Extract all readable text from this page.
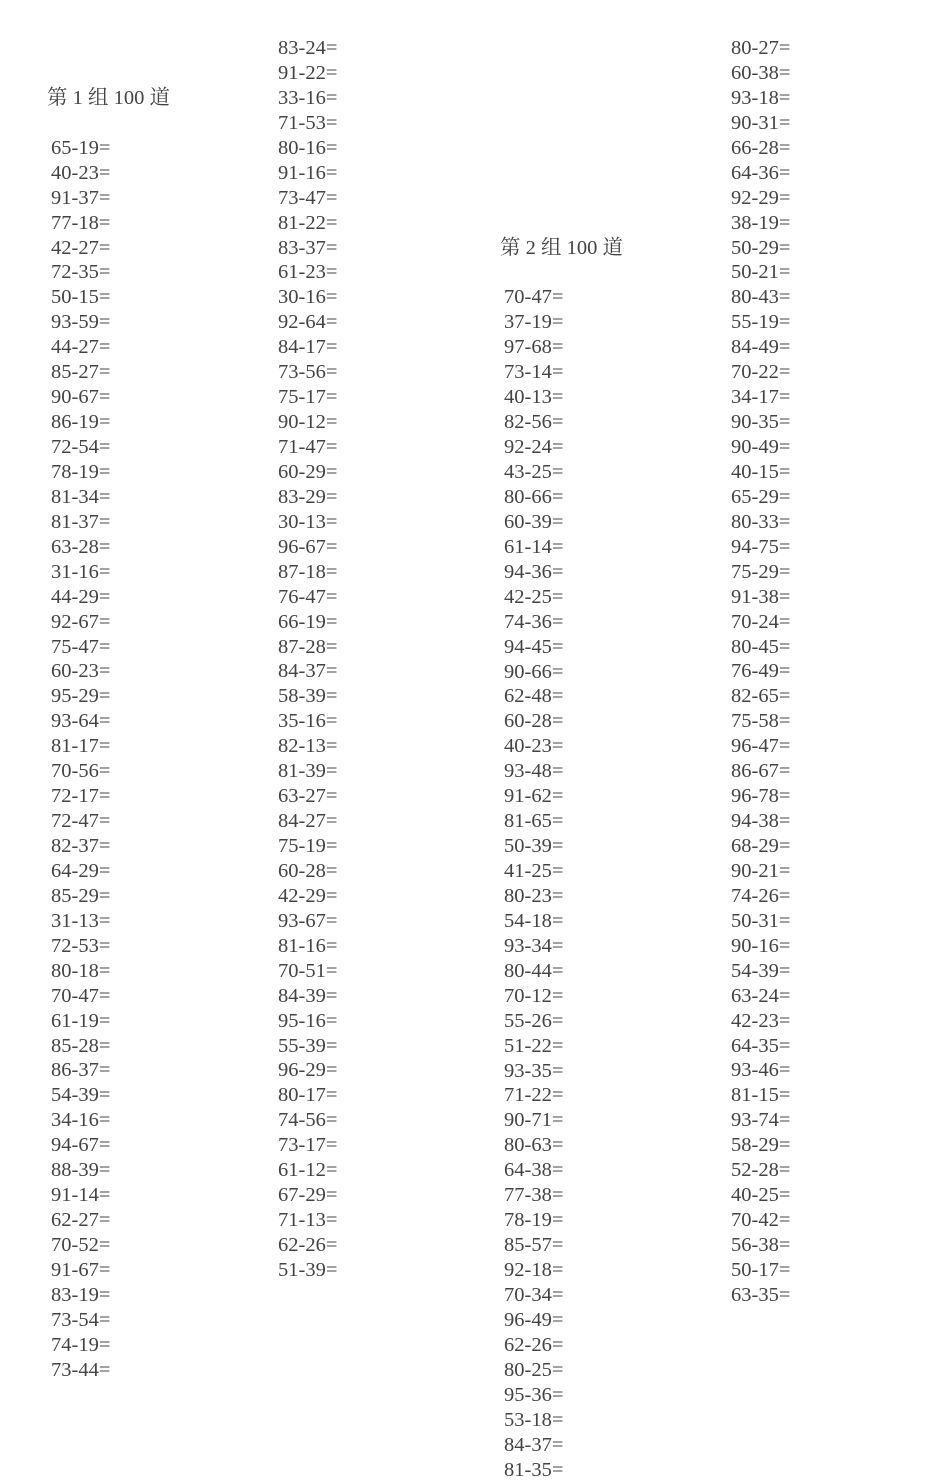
第 1 组 100 道

65-19=
40-23=
91-37=
77-18=
42-27=
72-35=
50-15=
93-59=
44-27=
85-27=
90-67=
86-19=
72-54=
78-19=
81-34=
81-37=
63-28=
31-16=
44-29=
92-67=
75-47=
60-23=
95-29=
93-64=
81-17=
70-56=
72-17=
72-47=
82-37=
64-29=
85-29=
31-13=
72-53=
80-18=
70-47=
61-19=
85-28=
86-37=
54-39=
34-16=
94-67=
88-39=
91-14=
62-27=
70-52=
91-67=
83-19=
73-54=
74-19=
73-44=
83-24=
91-22=
33-16=
71-53=
80-16=
91-16=
73-47=
81-22=
83-37=
61-23=
30-16=
92-64=
84-17=
73-56=
75-17=
90-12=
71-47=
60-29=
83-29=
30-13=
96-67=
87-18=
76-47=
66-19=
87-28=
84-37=
58-39=
35-16=
82-13=
81-39=
63-27=
84-27=
75-19=
60-28=
42-29=
93-67=
81-16=
70-51=
84-39=
95-16=
55-39=
96-29=
80-17=
74-56=
73-17=
61-12=
67-29=
71-13=
62-26=
51-39=

第 2 组 100 道

70-47=
37-19=
97-68=
73-14=
40-13=
82-56=
92-24=
43-25=
80-66=
60-39=
61-14=
94-36=
42-25=
74-36=
94-45=
90-66=
62-48=
60-28=
40-23=
93-48=
91-62=
81-65=
50-39=
41-25=
80-23=
54-18=
93-34=
80-44=
70-12=
55-26=
51-22=
93-35=
71-22=
90-71=
80-63=
64-38=
77-38=
78-19=
85-57=
92-18=
70-34=
96-49=
62-26=
80-25=
95-36=
53-18=
84-37=
81-35=
80-27=
60-38=
93-18=
90-31=
66-28=
64-36=
92-29=
38-19=
50-29=
50-21=
80-43=
55-19=
84-49=
70-22=
34-17=
90-35=
90-49=
40-15=
65-29=
80-33=
94-75=
75-29=
91-38=
70-24=
80-45=
76-49=
82-65=
75-58=
96-47=
86-67=
96-78=
94-38=
68-29=
90-21=
74-26=
50-31=
90-16=
54-39=
63-24=
42-23=
64-35=
93-46=
81-15=
93-74=
58-29=
52-28=
40-25=
70-42=
56-38=
50-17=
63-35=
